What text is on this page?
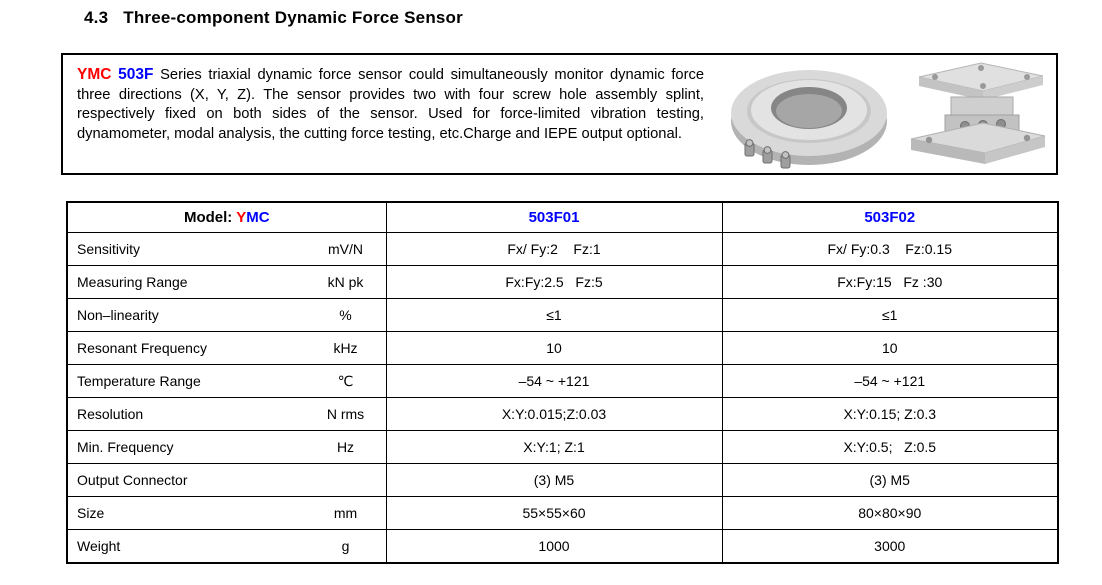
4.3 Three-component Dynamic Force Sensor
YMC 503F Series triaxial dynamic force sensor could simultaneously monitor dynamic force three directions (X, Y, Z). The sensor provides two with four screw hole assembly splint, respectively fixed on both sides of the sensor. Used for force-limited vibration testing, dynamometer, modal analysis, the cutting force testing, etc.Charge and IEPE output optional.
Model: YMC	503F01	503F02

Sensitivity mV/N	Fx/ Fy:2    Fz:1	Fx/ Fy:0.3    Fz:0.15

Measuring Range kN pk	Fx:Fy:2.5   Fz:5	Fx:Fy:15   Fz :30

Non–linearity %	≤1	≤1

Resonant Frequency kHz	10	10

Temperature Range ℃	–54 ~ +121	–54 ~ +121

Resolution N rms	X:Y:0.015;Z:0.03	X:Y:0.15; Z:0.3

Min. Frequency Hz	X:Y:1; Z:1	X:Y:0.5;   Z:0.5

Output Connector	(3) M5	(3) M5

Size mm	55×55×60	80×80×90

Weight g	1000	3000
